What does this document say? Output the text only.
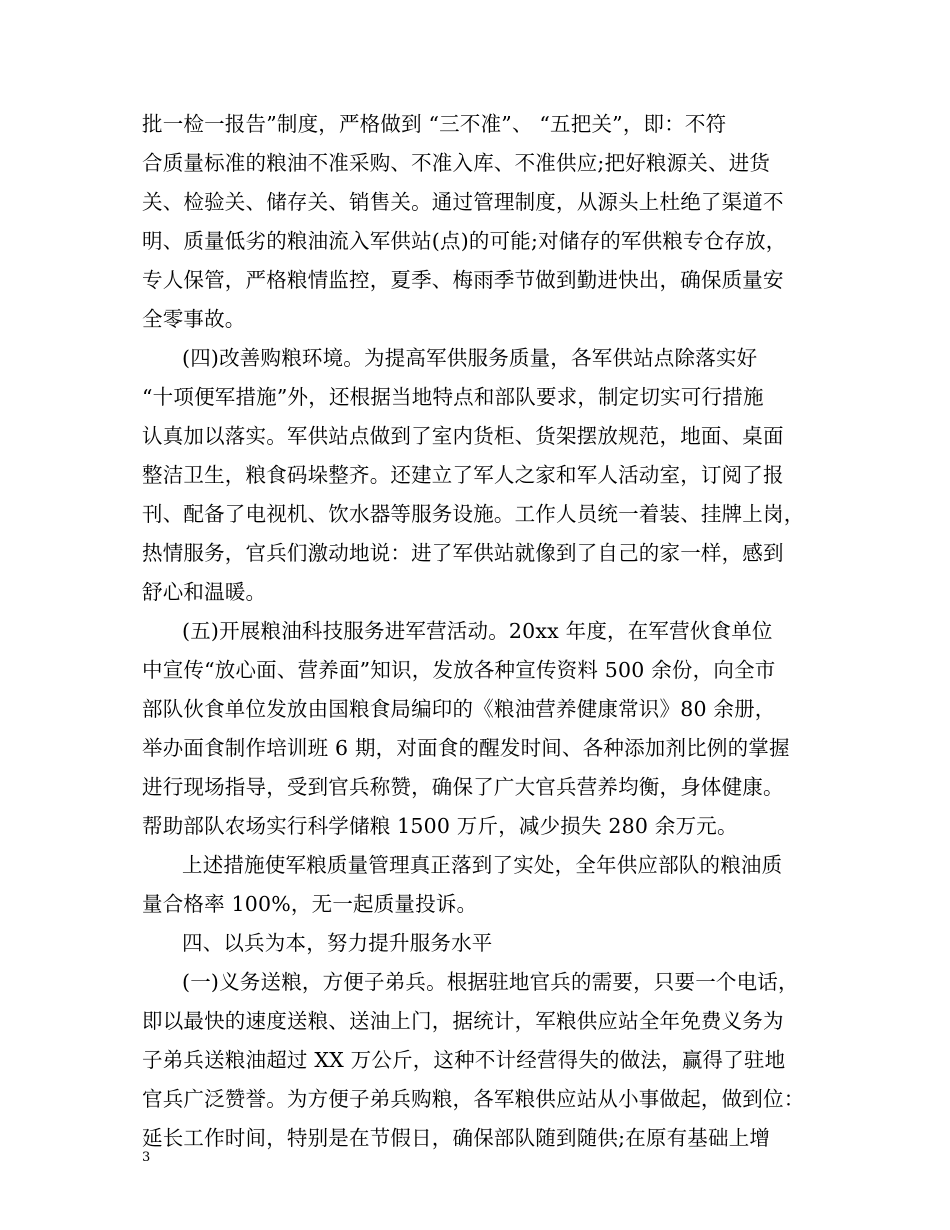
批一检一报告”制度，严格做到 “三不准”、 “五把关”，即：不符
合质量标准的粮油不准采购、不准入库、不准供应;把好粮源关、进货
关、检验关、储存关、销售关。通过管理制度，从源头上杜绝了渠道不
明、质量低劣的粮油流入军供站(点)的可能;对储存的军供粮专仓存放，
专人保管，严格粮情监控，夏季、梅雨季节做到勤进快出，确保质量安
全零事故。
(四)改善购粮环境。为提高军供服务质量，各军供站点除落实好
“十项便军措施”外，还根据当地特点和部队要求，制定切实可行措施
认真加以落实。军供站点做到了室内货柜、货架摆放规范，地面、桌面
整洁卫生，粮食码垛整齐。还建立了军人之家和军人活动室，订阅了报
刊、配备了电视机、饮水器等服务设施。工作人员统一着装、挂牌上岗，
热情服务，官兵们激动地说：进了军供站就像到了自己的家一样，感到
舒心和温暖。
(五)开展粮油科技服务进军营活动。20xx 年度，在军营伙食单位
中宣传“放心面、营养面”知识，发放各种宣传资料 500 余份，向全市
部队伙食单位发放由国粮食局编印的《粮油营养健康常识》80 余册，
举办面食制作培训班 6 期，对面食的醒发时间、各种添加剂比例的掌握
进行现场指导，受到官兵称赞，确保了广大官兵营养均衡，身体健康。
帮助部队农场实行科学储粮 1500 万斤，减少损失 280 余万元。
上述措施使军粮质量管理真正落到了实处，全年供应部队的粮油质
量合格率 100%，无一起质量投诉。
四、以兵为本，努力提升服务水平
(一)义务送粮，方便子弟兵。根据驻地官兵的需要，只要一个电话，
即以最快的速度送粮、送油上门，据统计，军粮供应站全年免费义务为
子弟兵送粮油超过 XX 万公斤，这种不计经营得失的做法，赢得了驻地
官兵广泛赞誉。为方便子弟兵购粮，各军粮供应站从小事做起，做到位：
延长工作时间，特别是在节假日，确保部队随到随供;在原有基础上增
3
